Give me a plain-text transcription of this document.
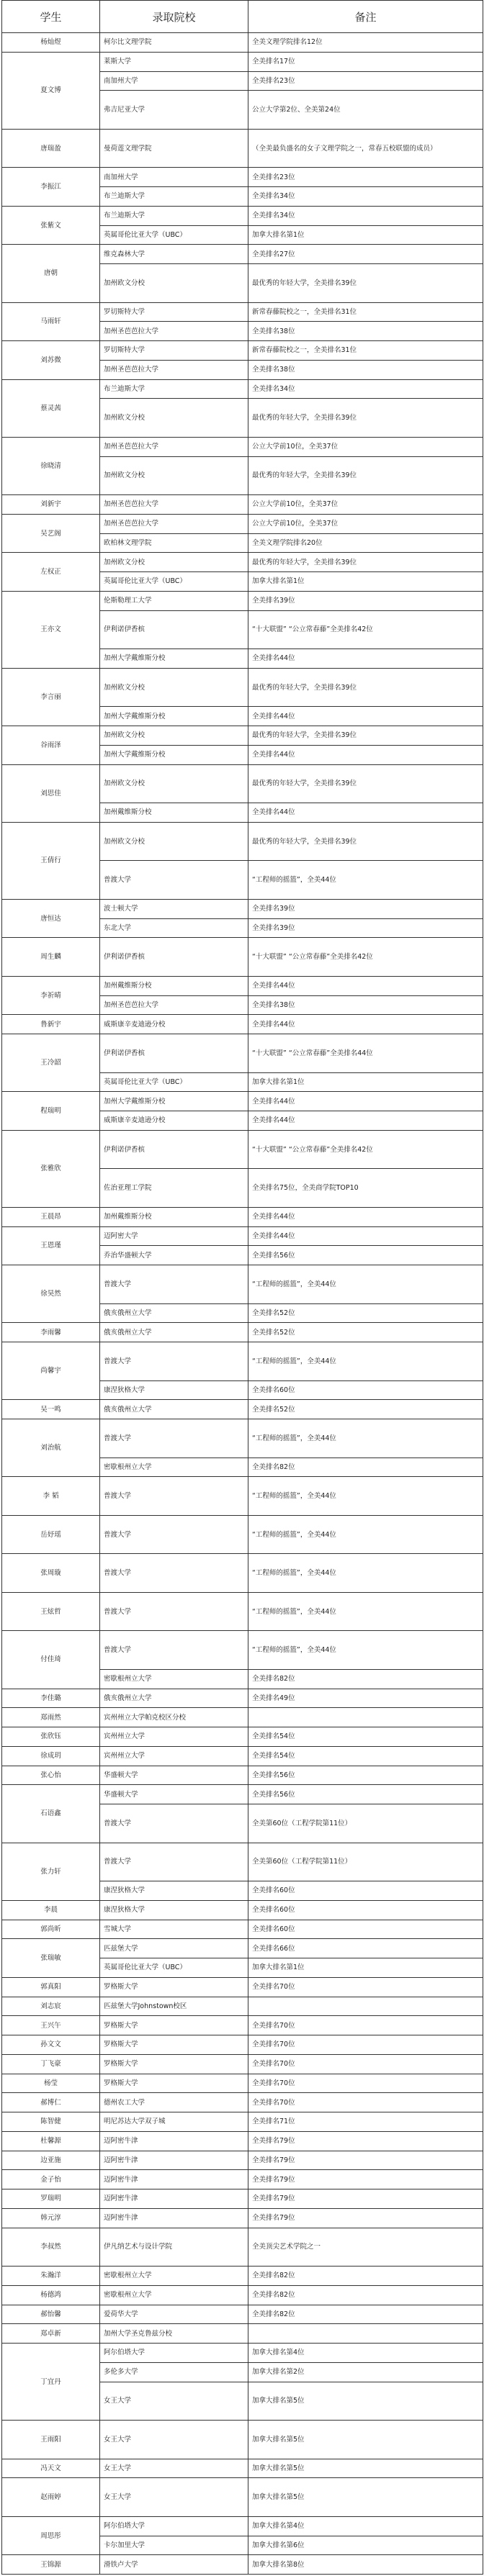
学生	录取院校	备注
杨灿煜	柯尔比文理学院	全美文理学院排名12位
夏文博	莱斯大学	全美排名17位
	南加州大学	全美排名23位
	弗吉尼亚大学	公立大学第2位、全美第24位
唐瑞盈	曼荷莲文理学院	（全美最负盛名的女子文理学院之一，常春五校联盟的成员）
李振江	南加州大学	全美排名23位
	布兰迪斯大学	全美排名34位
张紫文	布兰迪斯大学	全美排名34位
	英属哥伦比亚大学（UBC）	加拿大排名第1位
唐朝	维克森林大学	全美排名27位
	加州欧文分校	最优秀的年轻大学，全美排名39位
马雨轩	罗切斯特大学	新常春藤院校之一，全美排名31位
	加州圣芭芭拉大学	全美排名38位
刘苏微	罗切斯特大学	新常春藤院校之一，全美排名31位
	加州圣芭芭拉大学	全美排名38位
蔡灵茜	布兰迪斯大学	全美排名34位
	加州欧文分校	最优秀的年轻大学，全美排名39位
徐晓清	加州圣芭芭拉大学	公立大学前10位，全美37位
	加州欧文分校	最优秀的年轻大学，全美排名39位
刘新宇	加州圣芭芭拉大学	公立大学前10位，全美37位
吴艺阁	加州圣芭芭拉大学	公立大学前10位，全美37位
	欧柏林文理学院	全美文理学院排名20位
左权正	加州欧文分校	最优秀的年轻大学，全美排名39位
	英属哥伦比亚大学（UBC）	加拿大排名第1位
王亦文	伦斯勒理工大学	全美排名39位
	伊利诺伊香槟	“十大联盟” “公立常春藤”全美排名42位
	加州大学戴维斯分校	全美排名44位
李言丽	加州欧文分校	最优秀的年轻大学，全美排名39位
	加州大学戴维斯分校	全美排名44位
谷雨泽	加州欧文分校	最优秀的年轻大学，全美排名39位
	加州大学戴维斯分校	全美排名44位
刘思佳	加州欧文分校	最优秀的年轻大学，全美排名39位
	加州戴维斯分校	全美排名44位
王倩行	加州欧文分校	最优秀的年轻大学，全美排名39位
	普渡大学	“工程师的摇篮”，全美44位
唐恒达	波士顿大学	全美排名39位
	东北大学	全美排名39位
周生麟	伊利诺伊香槟	“十大联盟” “公立常春藤”全美排名42位
李祈晴	加州戴维斯分校	全美排名44位
	加州圣芭芭拉大学	全美排名38位
鲁新宇	威斯康辛麦迪逊分校	全美排名44位
王冷韶	伊利诺伊香槟	“十大联盟” “公立常春藤”全美排名44位
	英属哥伦比亚大学（UBC）	加拿大排名第1位
程瑞明	加州大学戴维斯分校	全美排名44位
	威斯康辛麦迪逊分校	全美排名44位
张雅欣	伊利诺伊香槟	“十大联盟” “公立常春藤”全美排名42位
	佐治亚理工学院	全美排名75位，全美商学院TOP10
王晨昂	加州戴维斯分校	全美排名44位
王恩瑾	迈阿密大学	全美排名44位
	乔治华盛顿大学	全美排名56位
徐昊然	普渡大学	“工程师的摇篮”，全美44位
	俄亥俄州立大学	全美排名52位
李雨馨	俄亥俄州立大学	全美排名52位
尚馨宇	普渡大学	“工程师的摇篮”，全美44位
	康涅狄格大学	全美排名60位
吴一鸣	俄亥俄州立大学	全美排名52位
刘治航	普渡大学	“工程师的摇篮”，全美44位
	密歇根州立大学	全美排名82位
李 韬	普渡大学	“工程师的摇篮”，全美44位
岳妤瑶	普渡大学	“工程师的摇篮”，全美44位
张周璇	普渡大学	“工程师的摇篮”，全美44位
王炫哲	普渡大学	“工程师的摇篮”，全美44位
付佳琦	普渡大学	“工程师的摇篮”，全美44位
	密歇根州立大学	全美排名82位
李佳璐	俄亥俄州立大学	全美排名49位
郑雨然	宾州州立大学帕克校区分校	
张欣钰	宾州州立大学	全美排名54位
徐成玥	宾州州立大学	全美排名54位
张心怡	华盛顿大学	全美排名56位
石语鑫	华盛顿大学	全美排名56位
	普渡大学	全美第60位（工程学院第11位）
张力轩	普渡大学	全美第60位（工程学院第11位）
	康涅狄格大学	全美排名60位
李晨	康涅狄格大学	全美排名60位
郭尚昕	雪城大学	全美排名60位
张瑞敏	匹兹堡大学	全美排名66位
	英属哥伦比亚大学（UBC）	加拿大排名第1位
郭真阳	罗格斯大学	全美排名70位
刘志宸	匹兹堡大学Johnstown校区	
王兴午	罗格斯大学	全美排名70位
孙文文	罗格斯大学	全美排名70位
丁飞豪	罗格斯大学	全美排名70位
杨莹	罗格斯大学	全美排名70位
郝博仁	德州农工大学	全美排名70位
陈智健	明尼苏达大学双子城	全美排名71位
杜馨源	迈阿密牛津	全美排名79位
边亚施	迈阿密牛津	全美排名79位
金子怡	迈阿密牛津	全美排名79位
罗瑞明	迈阿密牛津	全美排名79位
韩元淳	迈阿密牛津	全美排名79位
李叔然	伊凡纳艺术与设计学院	全美顶尖艺术学院之一
朱瀚洋	密歇根州立大学	全美排名82位
杨德鸿	密歇根州立大学	全美排名82位
郝怡馨	爱荷华大学	全美排名82位
郑卓新	加州大学圣克鲁兹分校	
丁宜丹	阿尔伯塔大学	加拿大排名第4位
	多伦多大学	加拿大排名第2位
	女王大学	加拿大排名第5位
王雨阳	女王大学	加拿大排名第5位
冯天文	女王大学	加拿大排名第5位
赵雨婷	女王大学	加拿大排名第5位
周思彤	阿尔伯塔大学	加拿大排名第4位
	卡尔加里大学	加拿大排名第6位
王锦源	滑铁卢大学	加拿大排名第8位
